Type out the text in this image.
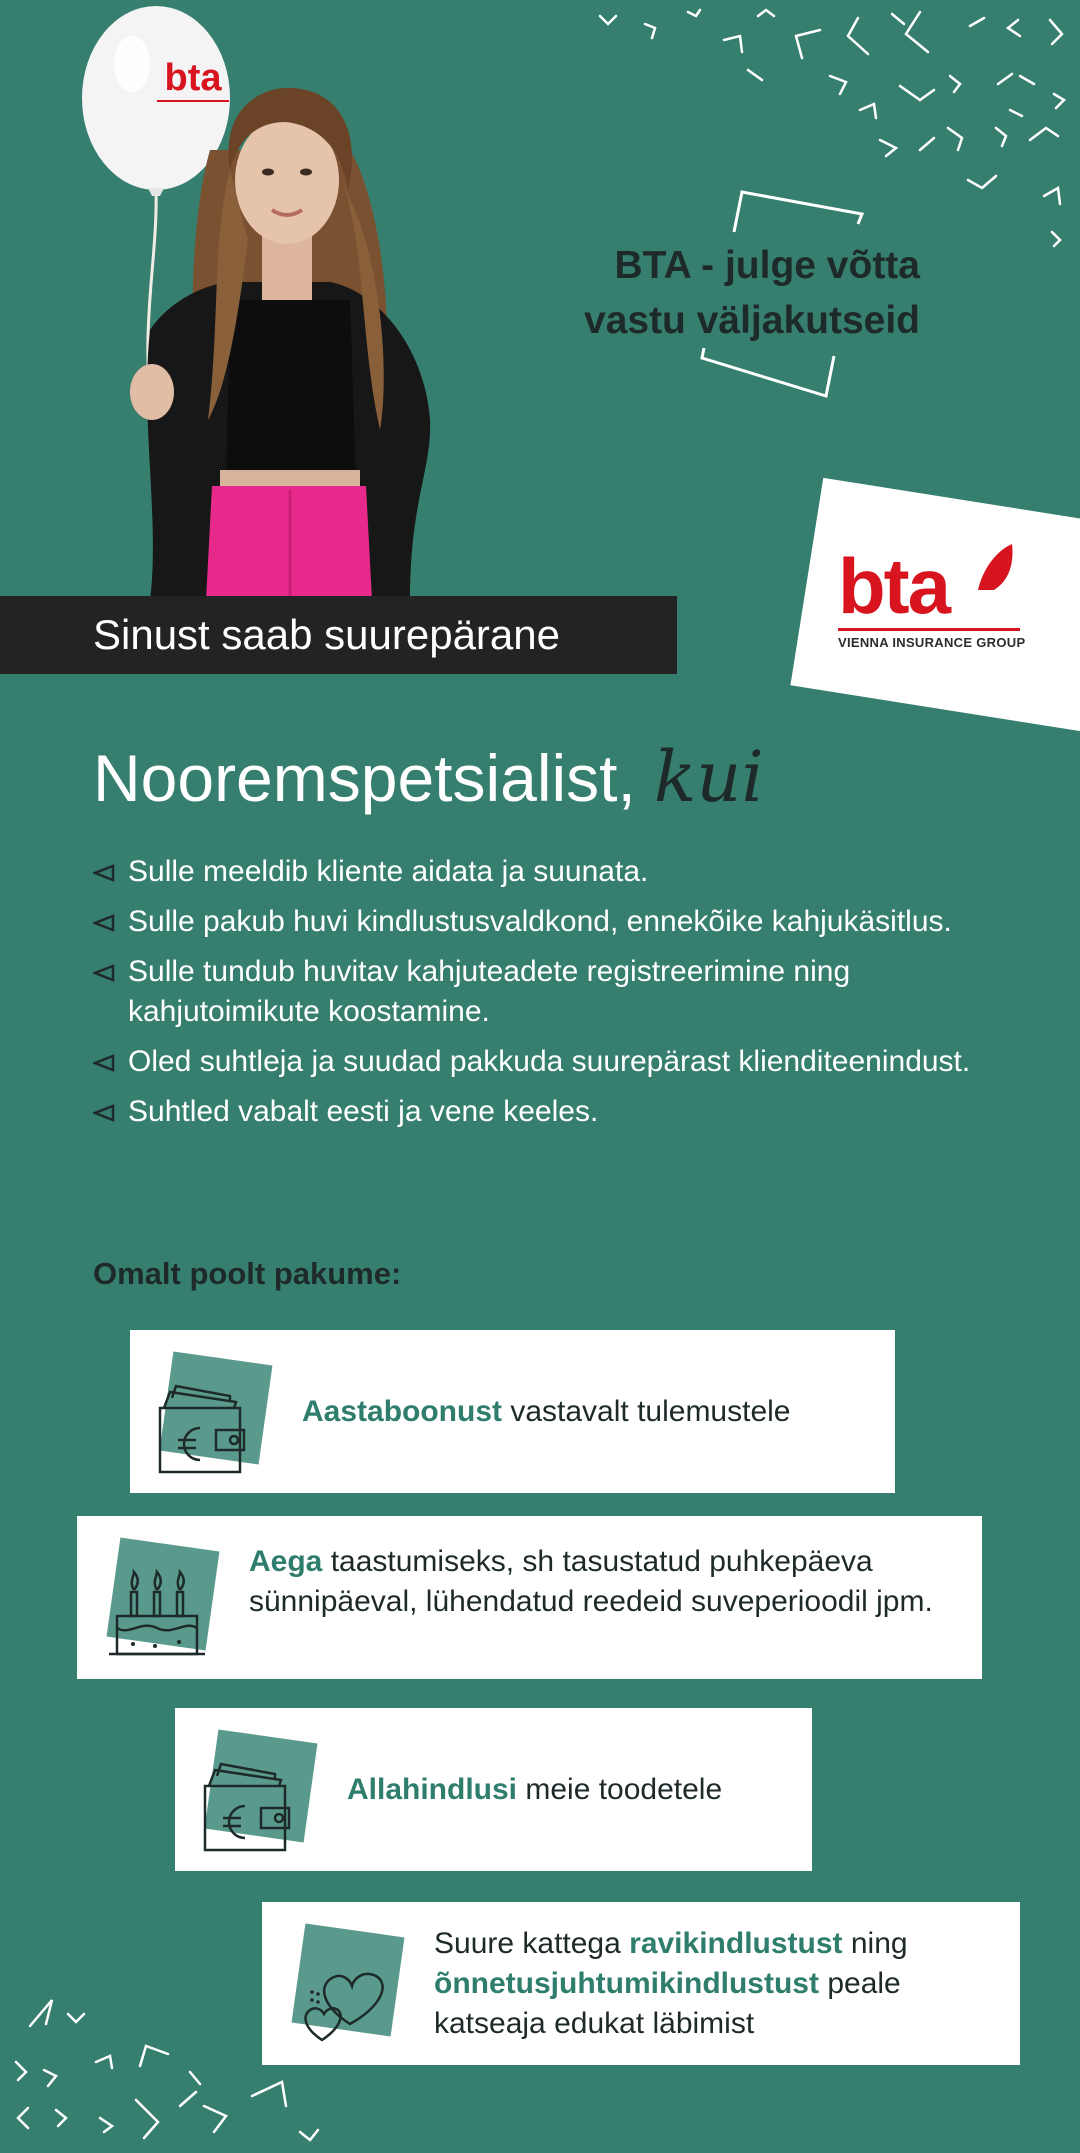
bta
BTA - julge võtta
vastu väljakutseid
bta
VIENNA INSURANCE GROUP
Sinust saab suurepärane
Nooremspetsialist, kui
Sulle meeldib kliente aidata ja suunata.
Sulle pakub huvi kindlustusvaldkond, ennekõike kahjukäsitlus.
Sulle tundub huvitav kahjuteadete registreerimine ning kahjutoimikute koostamine.
Oled suhtleja ja suudad pakkuda suurepärast klienditeenindust.
Suhtled vabalt eesti ja vene keeles.
Omalt poolt pakume:
Aastaboonust vastavalt tulemustele
Aega taastumiseks, sh tasustatud puhkepäeva sünnipäeval, lühendatud reedeid suveperioodil jpm.
Allahindlusi meie toodetele
Suure kattega ravikindlustust ning õnnetusjuhtumikindlustust peale katseaja edukat läbimist
